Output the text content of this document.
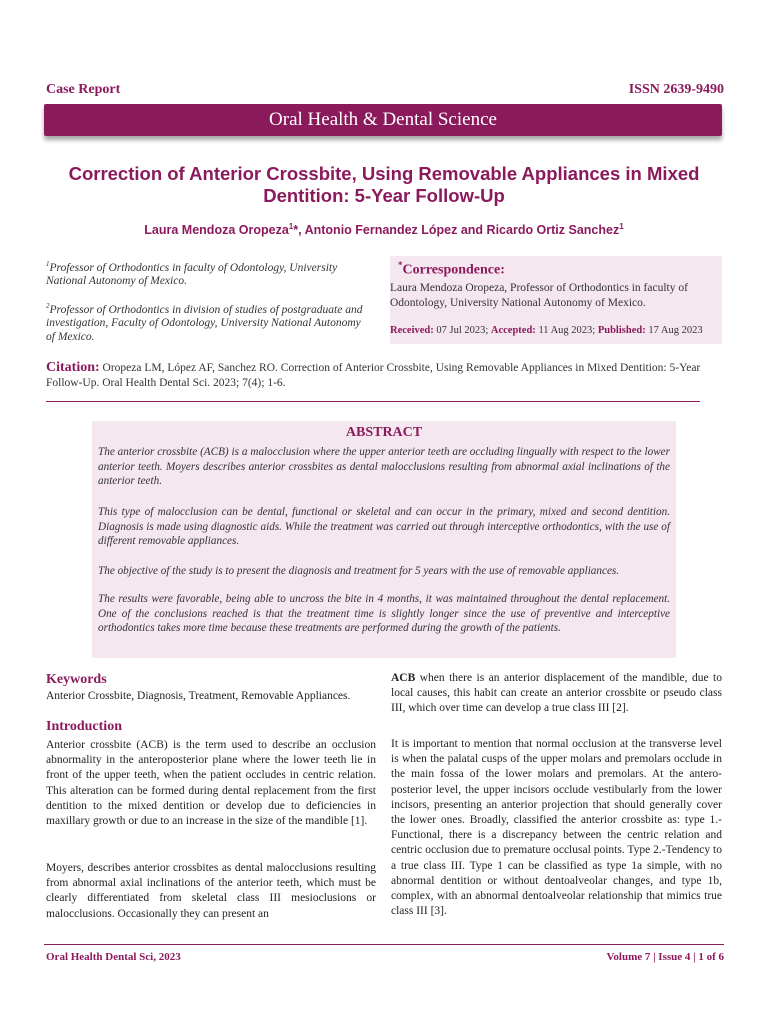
Case Report	ISSN 2639-9490
Oral Health & Dental Science
Correction of Anterior Crossbite, Using Removable Appliances in Mixed Dentition: 5-Year Follow-Up
Laura Mendoza Oropeza$^1$*, Antonio Fernandez López and Ricardo Ortiz Sanchez$^1$
$^1$Professor of Orthodontics in faculty of Odontology, University National Autonomy of Mexico.
$^2$Professor of Orthodontics in division of studies of postgraduate and investigation, Faculty of Odontology, University National Autonomy of Mexico.
*Correspondence:
Laura Mendoza Oropeza, Professor of Orthodontics in faculty of Odontology, University National Autonomy of Mexico.
Received: 07 Jul 2023; Accepted: 11 Aug 2023; Published: 17 Aug 2023
Citation: Oropeza LM, López AF, Sanchez RO. Correction of Anterior Crossbite, Using Removable Appliances in Mixed Dentition: 5-Year Follow-Up. Oral Health Dental Sci. 2023; 7(4); 1-6.
ABSTRACT
The anterior crossbite (ACB) is a malocclusion where the upper anterior teeth are occluding lingually with respect to the lower anterior teeth. Moyers describes anterior crossbites as dental malocclusions resulting from abnormal axial inclinations of the anterior teeth.
This type of malocclusion can be dental, functional or skeletal and can occur in the primary, mixed and second dentition. Diagnosis is made using diagnostic aids. While the treatment was carried out through interceptive orthodontics, with the use of different removable appliances.
The objective of the study is to present the diagnosis and treatment for 5 years with the use of removable appliances.
The results were favorable, being able to uncross the bite in 4 months, it was maintained throughout the dental replacement. One of the conclusions reached is that the treatment time is slightly longer since the use of preventive and interceptive orthodontics takes more time because these treatments are performed during the growth of the patients.
Keywords
Anterior Crossbite, Diagnosis, Treatment, Removable Appliances.
Introduction
Anterior crossbite (ACB) is the term used to describe an occlusion abnormality in the anteroposterior plane where the lower teeth lie in front of the upper teeth, when the patient occludes in centric relation. This alteration can be formed during dental replacement from the first dentition to the mixed dentition or develop due to deficiencies in maxillary growth or due to an increase in the size of the mandible [1].
Moyers, describes anterior crossbites as dental malocclusions resulting from abnormal axial inclinations of the anterior teeth, which must be clearly differentiated from skeletal class III mesioclusions or malocclusions. Occasionally they can present an
ACB when there is an anterior displacement of the mandible, due to local causes, this habit can create an anterior crossbite or pseudo class III, which over time can develop a true class III [2].
It is important to mention that normal occlusion at the transverse level is when the palatal cusps of the upper molars and premolars occlude in the main fossa of the lower molars and premolars. At the antero-posterior level, the upper incisors occlude vestibularly from the lower incisors, presenting an anterior projection that should generally cover the lower ones. Broadly, classified the anterior crossbite as: type 1.- Functional, there is a discrepancy between the centric relation and centric occlusion due to premature occlusal points. Type 2.-Tendency to a true class III. Type 1 can be classified as type 1a simple, with no abnormal dentition or without dentoalveolar changes, and type 1b, complex, with an abnormal dentoalveolar relationship that mimics true class III [3].
Oral Health Dental Sci, 2023	Volume 7 | Issue 4 | 1 of 6
